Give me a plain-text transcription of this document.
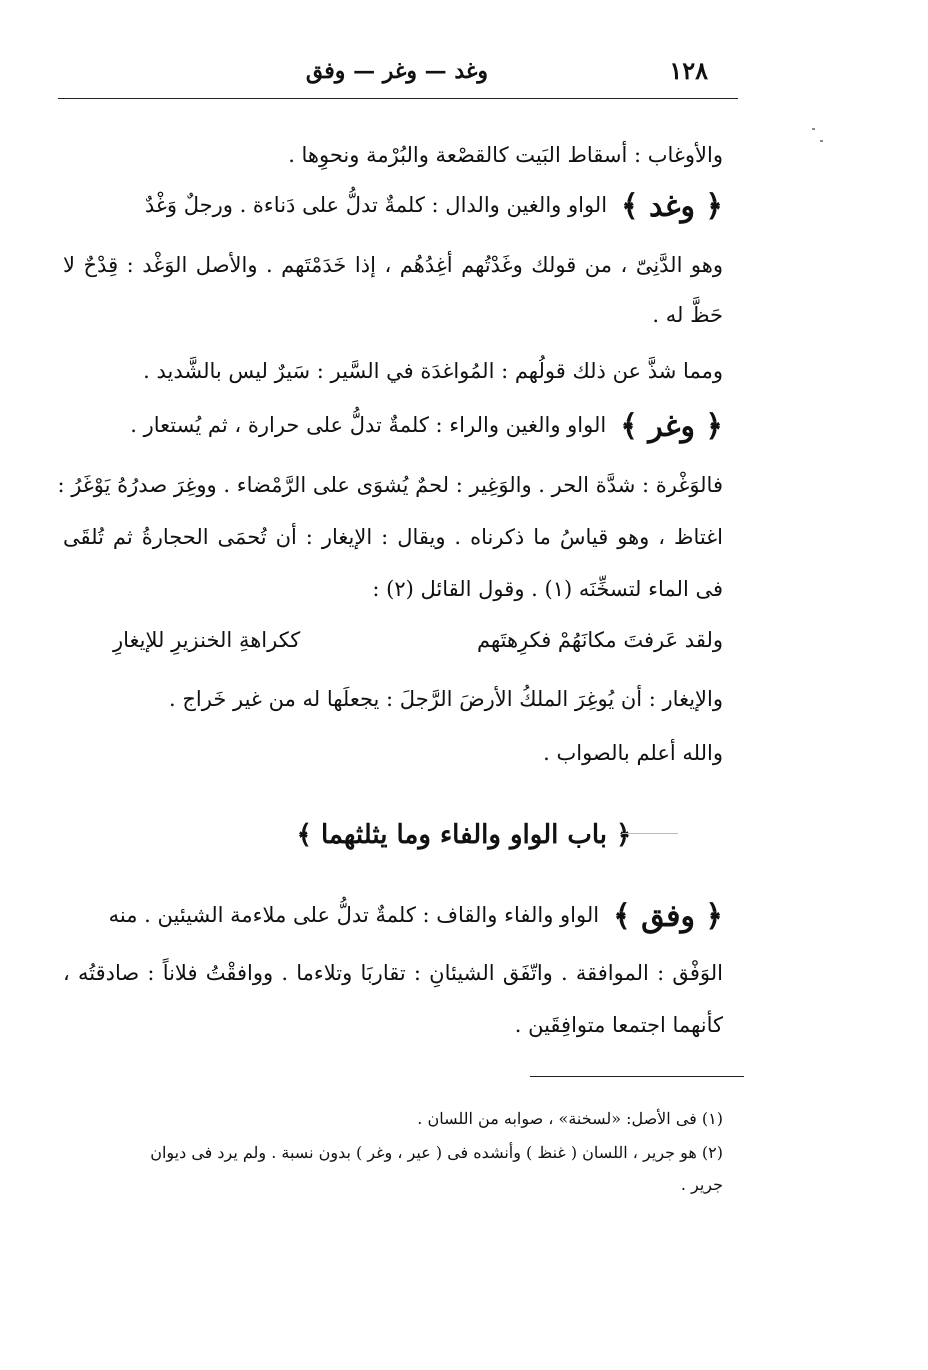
١٢٨
وغد — وغر — وفق
والأوغاب : أسقاط البَيت كالقصْعة والبُرْمة ونحوِها .
﴿ وغد ﴾الواو والغين والدال : كلمةٌ تدلُّ على دَناءة . ورجلٌ وَغْدٌ
وهو الدَّنِىّ ، من قولك وغَدْتُهم أغِدُهُم ، إذا خَدَمْتَهم . والأصل الوَغْد : قِدْحٌ لا
حَظَّ له .
ومما شذَّ عن ذلك قولُهم : المُواغدَة في السَّير : سَيرٌ ليس بالشَّديد .
﴿ وغر ﴾الواو والغين والراء : كلمةٌ تدلُّ على حرارة ، ثم يُستعار .
فالوَغْرة : شدَّة الحر . والوَغِير : لحمٌ يُشوَى على الرَّمْضاء . ووغِرَ صدرُهُ يَوْغَرُ :
اغتاظ ، وهو قياسُ ما ذكرناه . ويقال : الإيغار : أن تُحمَى الحجارةُ ثم تُلقَى
فى الماء لتسخِّنَه (١) . وقول القائل (٢) :
ولقد عَرفتَ مكانَهُمْ فكرِهتَهم
ككراهةِ الخنزيرِ للإيغارِ
والإيغار : أن يُوغِرَ الملكُ الأرضَ الرَّجلَ : يجعلَها له من غير خَراج .
والله أعلم بالصواب .
﴿ باب الواو والفاء وما يثلثهما ﴾
﴿ وفق ﴾الواو والفاء والقاف : كلمةٌ تدلُّ على ملاءمة الشيئين . منه
الوَفْق : الموافقة . واتّفَق الشيئانِ : تقاربَا وتلاءما . ووافقْتُ فلاناً : صادقتُه ،
كأنهما اجتمعا متوافِقَين .
(١) فى الأصل: «لسخنة» ، صوابه من اللسان .
(٢) هو جرير ، اللسان ( غنظ ) وأنشده فى ( عير ، وغر ) بدون نسبة . ولم يرد فى ديوان
جرير .
